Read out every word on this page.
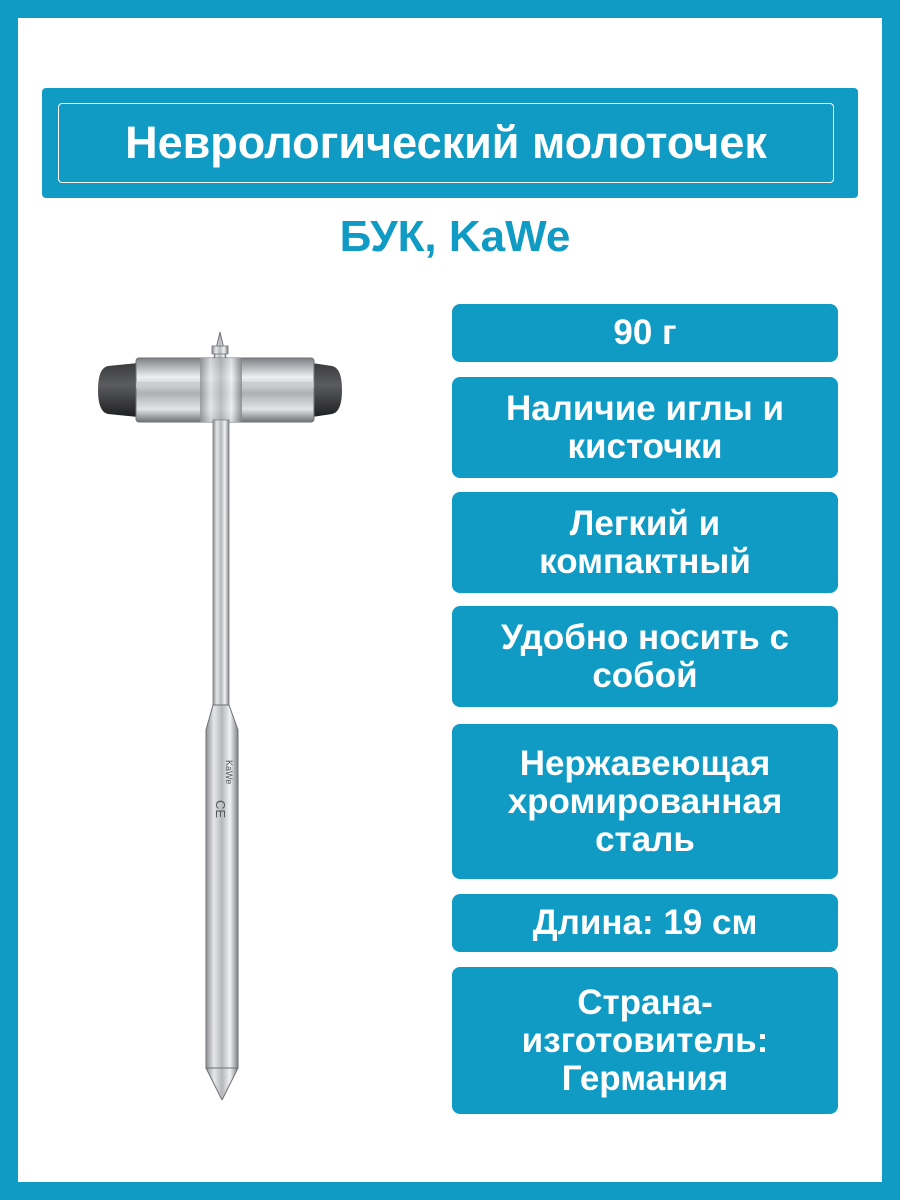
Неврологический молоточек
БУК, KaWe
KaWe
CE
90 г
Наличие иглы и
кисточки
Легкий и
компактный
Удобно носить с
собой
Нержавеющая
хромированная
сталь
Длина: 19 см
Страна-
изготовитель:
Германия
